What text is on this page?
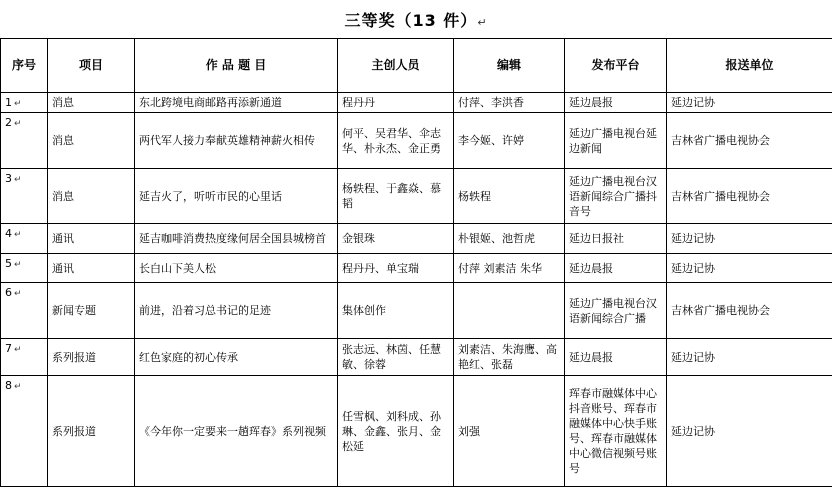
三等奖（13 件）↵
序号	项目	作 品 题 目	主创人员	编辑	发布平台	报送单位
1 ↵	消息	东北跨境电商邮路再添新通道	程丹丹	付萍、李洪香	延边晨报	延边记协
2 ↵	消息	两代军人接力奉献英雄精神薪火相传	何平、吴君华、伞志华、朴永杰、金正勇	李今姬、许婷	延边广播电视台延边新闻	吉林省广播电视协会
3 ↵	消息	延吉火了，听听市民的心里话	杨轶程、于鑫焱、慕韬	杨轶程	延边广播电视台汉语新闻综合广播抖音号	吉林省广播电视协会
4 ↵	通讯	延吉咖啡消费热度缘何居全国县城榜首	金银珠	朴银姬、池哲虎	延边日报社	延边记协
5 ↵	通讯	长白山下美人松	程丹丹、单宝瑞	付萍 刘素洁 朱华	延边晨报	延边记协
6 ↵	新闻专题	前进，沿着习总书记的足迹	集体创作		延边广播电视台汉语新闻综合广播	吉林省广播电视协会
7 ↵	系列报道	红色家庭的初心传承	张志远、林茵、任慧敏、徐蓉	刘素洁、朱海鹰、高艳红、张磊	延边晨报	延边记协
8 ↵	系列报道	《今年你一定要来一趟珲春》系列视频	任雪枫、刘科成、孙琳、金鑫、张月、金松延	刘强	珲春市融媒体中心抖音账号、珲春市融媒体中心快手账号、珲春市融媒体中心微信视频号账号	延边记协
